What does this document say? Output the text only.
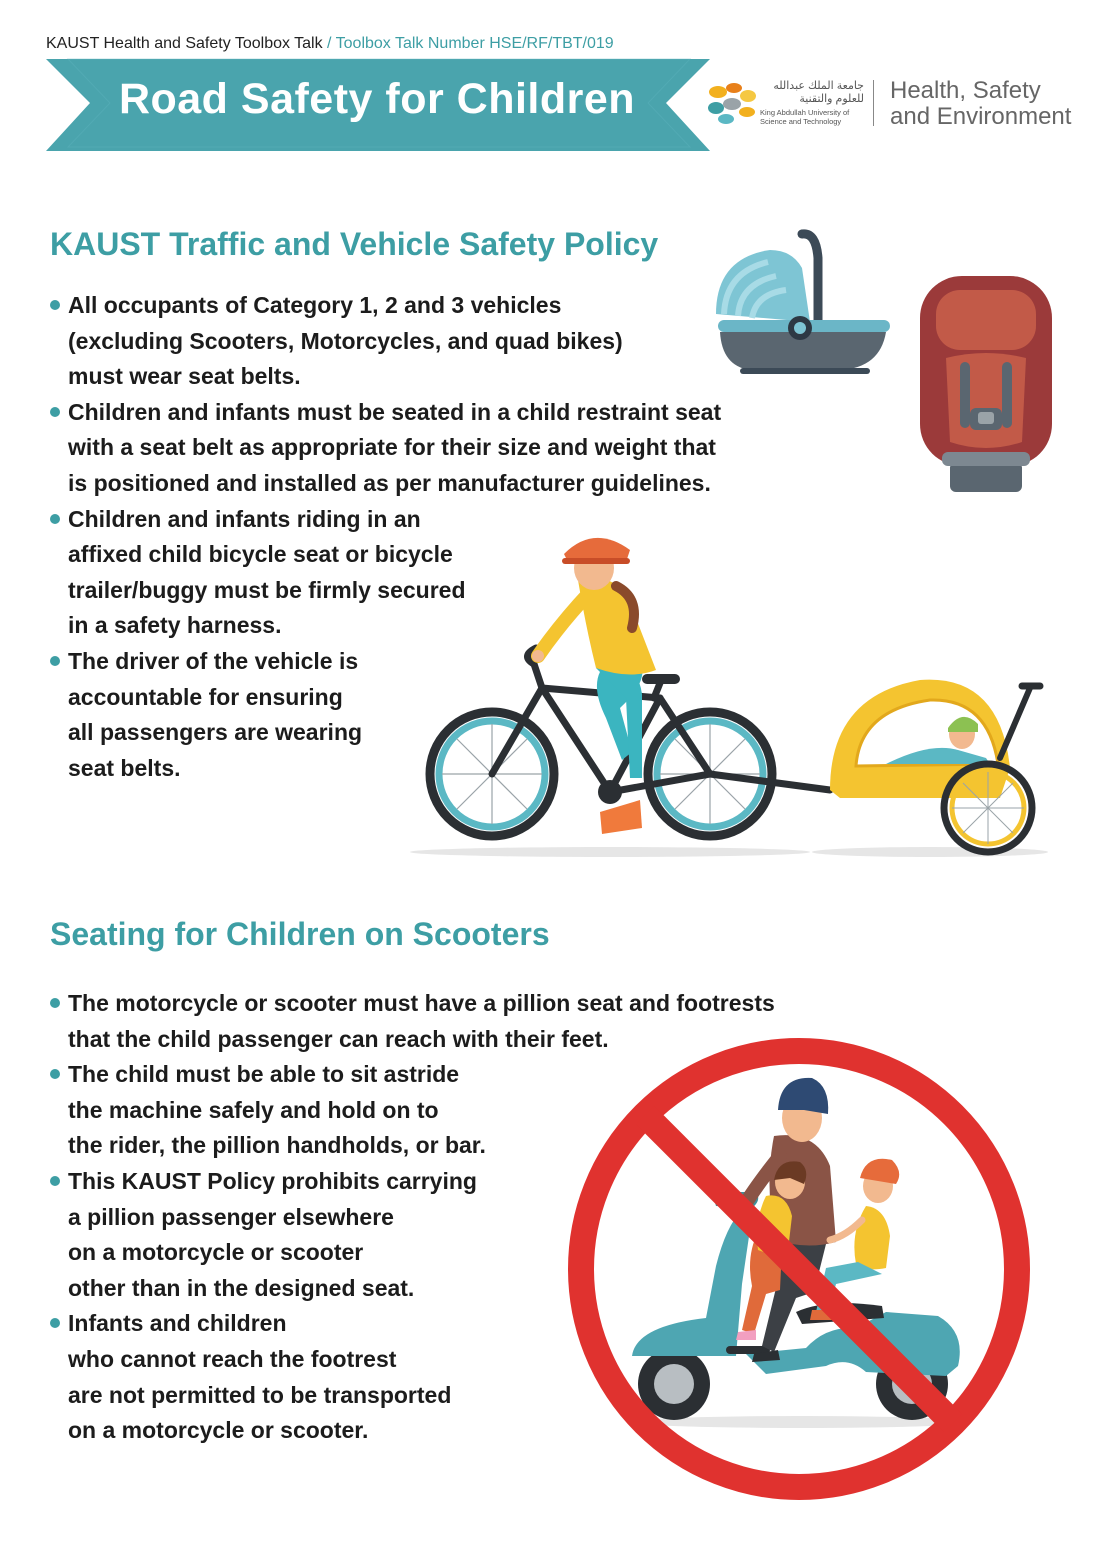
KAUST Health and Safety Toolbox Talk / Toolbox Talk Number HSE/RF/TBT/019
Road Safety for Children	جامعة الملك عبدالله
للعلوم والتقنية
King Abdullah University of
Science and Technology
Health, Safety
and Environment
KAUST Traffic and Vehicle Safety Policy
All occupants of Category 1, 2 and 3 vehicles
(excluding Scooters, Motorcycles, and quad bikes)
must wear seat belts.
Children and infants must be seated in a child restraint seat
with a seat belt as appropriate for their size and weight that
is positioned and installed as per manufacturer guidelines.
Children and infants riding in an
affixed child bicycle seat or bicycle
trailer/buggy must be firmly secured
in a safety harness.
The driver of the vehicle is
accountable for ensuring
all passengers are wearing
seat belts.
Seating for Children on Scooters
The motorcycle or scooter must have a pillion seat and footrests
that the child passenger can reach with their feet.
The child must be able to sit astride
the machine safely and hold on to
the rider, the pillion handholds, or bar.
This KAUST Policy prohibits carrying
a pillion passenger elsewhere
on a motorcycle or scooter
other than in the designed seat.
Infants and children
who cannot reach the footrest
are not permitted to be transported
on a motorcycle or scooter.
